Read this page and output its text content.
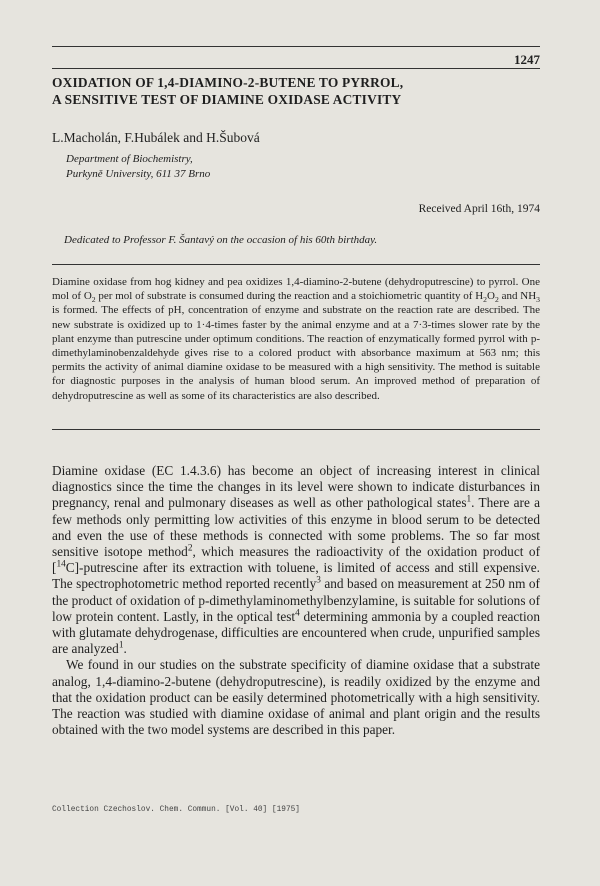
1247
OXIDATION OF 1,4-DIAMINO-2-BUTENE TO PYRROL,
A SENSITIVE TEST OF DIAMINE OXIDASE ACTIVITY
L.Macholán, F.Hubálek and H.Šubová
Department of Biochemistry,
Purkyně University, 611 37 Brno
Received April 16th, 1974
Dedicated to Professor F. Šantavý on the occasion of his 60th birthday.
Diamine oxidase from hog kidney and pea oxidizes 1,4-diamino-2-butene (dehydroputrescine) to pyrrol. One mol of $O_2$ per mol of substrate is consumed during the reaction and a stoichiometric quantity of $H_2O_2$ and $NH_3$ is formed. The effects of pH, concentration of enzyme and substrate on the reaction rate are described. The new substrate is oxidized up to 1·4-times faster by the animal enzyme and at a 7·3-times slower rate by the plant enzyme than putrescine under optimum conditions. The reaction of enzymatically formed pyrrol with p-dimethylaminobenzaldehyde gives rise to a colored product with absorbance maximum at 563 nm; this permits the activity of animal diamine oxidase to be measured with a high sensitivity. The method is suitable for diagnostic purposes in the analysis of human blood serum. An improved method of preparation of dehydroputrescine as well as some of its characteristics are also described.

Diamine oxidase (EC 1.4.3.6) has become an object of increasing interest in clinical diagnostics since the time the changes in its level were shown to indicate disturbances in pregnancy, renal and pulmonary diseases as well as other pathological states$^1$. There are a few methods only permitting low activities of this enzyme in blood serum to be detected and even the use of these methods is connected with some problems. The so far most sensitive isotope method$^2$, which measures the radioactivity of the oxidation product of [$^{14}$C]-putrescine after its extraction with toluene, is limited of access and still expensive. The spectrophotometric method reported recently$^3$ and based on measurement at 250 nm of the product of oxidation of p-dimethylaminomethylbenzylamine, is suitable for solutions of low protein content. Lastly, in the optical test$^4$ determining ammonia by a coupled reaction with glutamate dehydrogenase, difficulties are encountered when crude, unpurified samples are analyzed$^1$.

We found in our studies on the substrate specificity of diamine oxidase that a substrate analog, 1,4-diamino-2-butene (dehydroputrescine), is readily oxidized by the enzyme and that the oxidation product can be easily determined photometrically with a high sensitivity. The reaction was studied with diamine oxidase of animal and plant origin and the results obtained with the two model systems are described in this paper.

Collection Czechoslov. Chem. Commun. [Vol. 40] [1975]
